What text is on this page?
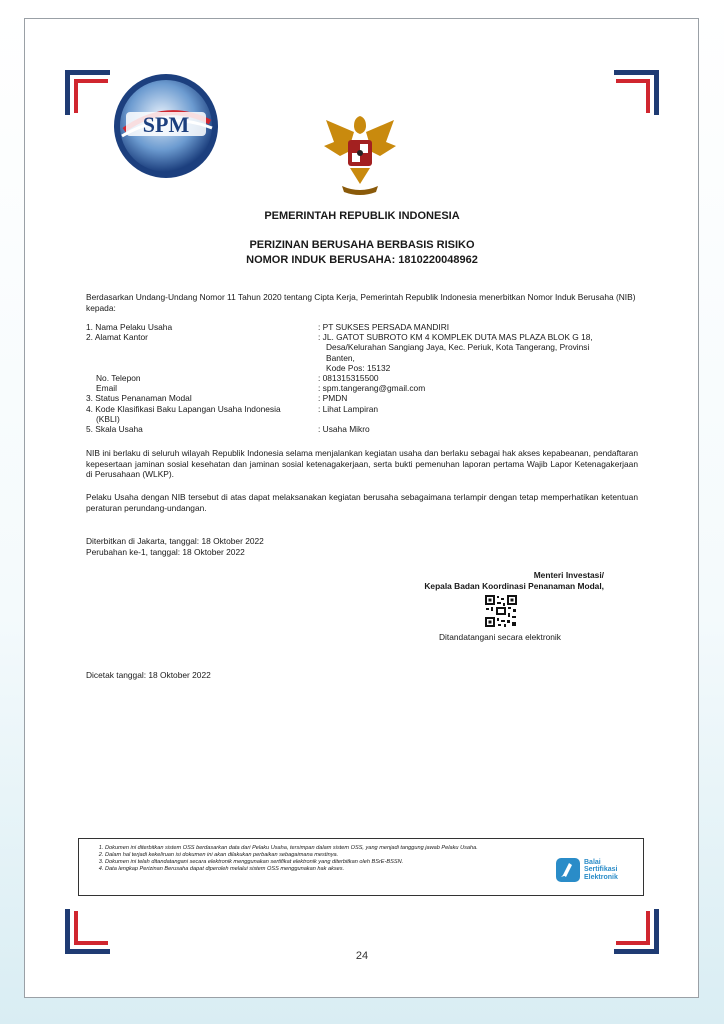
SPM
PEMERINTAH REPUBLIK INDONESIA
PERIZINAN BERUSAHA BERBASIS RISIKO
NOMOR INDUK BERUSAHA: 1810220048962
Berdasarkan Undang-Undang Nomor 11 Tahun 2020 tentang Cipta Kerja, Pemerintah Republik Indonesia menerbitkan Nomor Induk Berusaha (NIB) kepada:
1. Nama Pelaku Usaha	: PT SUKSES PERSADA MANDIRI
2. Alamat Kantor	: JL. GATOT SUBROTO KM 4 KOMPLEK DUTA MAS PLAZA BLOK G 18,
Desa/Kelurahan Sangiang Jaya, Kec. Periuk, Kota Tangerang, Provinsi
Banten,
Kode Pos: 15132
No. Telepon	: 081315315500
Email	: spm.tangerang@gmail.com
3. Status Penanaman Modal	: PMDN
4. Kode Klasifikasi Baku Lapangan Usaha Indonesia	: Lihat Lampiran
(KBLI)
5. Skala Usaha	: Usaha Mikro
NIB ini berlaku di seluruh wilayah Republik Indonesia selama menjalankan kegiatan usaha dan berlaku sebagai hak akses kepabeanan, pendaftaran kepesertaan jaminan sosial kesehatan dan jaminan sosial ketenagakerjaan, serta bukti pemenuhan laporan pertama Wajib Lapor Ketenagakerjaan di Perusahaan (WLKP).
Pelaku Usaha dengan NIB tersebut di atas dapat melaksanakan kegiatan berusaha sebagaimana terlampir dengan tetap memperhatikan ketentuan peraturan perundang-undangan.
Diterbitkan di Jakarta, tanggal: 18 Oktober 2022
Perubahan ke-1, tanggal: 18 Oktober 2022
Menteri Investasi/
Kepala Badan Koordinasi Penanaman Modal,
Ditandatangani secara elektronik
Dicetak tanggal: 18 Oktober 2022
1. Dokumen ini diterbitkan sistem OSS berdasarkan data dari Pelaku Usaha, tersimpan dalam sistem OSS, yang menjadi tanggung jawab Pelaku Usaha.
2. Dalam hal terjadi kekeliruan isi dokumen ini akan dilakukan perbaikan sebagaimana mestinya.
3. Dokumen ini telah ditandatangani secara elektronik menggunakan sertifikat elektronik yang diterbitkan oleh BSrE-BSSN.
4. Data lengkap Perizinan Berusaha dapat diperoleh melalui sistem OSS menggunakan hak akses.
Balai
Sertifikasi
Elektronik
24
